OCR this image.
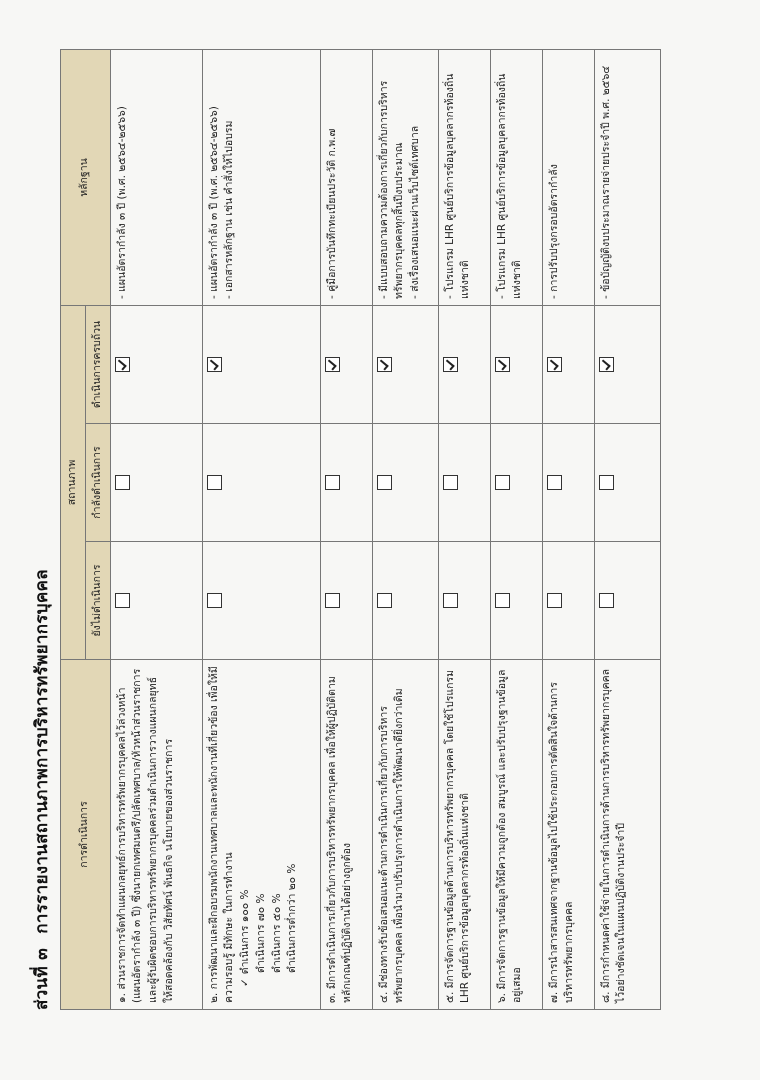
ส่วนที่ ๓ การรายงานสถานภาพการบริหารทรัพยากรบุคคล	การดำเนินการ	สถานภาพ			หลักฐาน
	ยังไม่ดำเนินการ	กำลังดำเนินการ	ดำเนินการครบถ้วน	
๑. ส่วนราชการจัดทำแผนกลยุทธ์การบริหารทรัพยากรบุคคลไว้ล่วงหน้า (แผนอัตรากำลัง ๓ ปี) ซึ่งนายกเทศมนตรี/ปลัดเทศบาล/หัวหน้าส่วนราชการ และผู้รับผิดชอบการบริหารทรัพยากรบุคคลร่วมดำเนินการวางแผนกลยุทธ์ให้สอดคล้องกับ วิสัยทัศน์ พันธกิจ นโยบายของส่วนราชการ				- แผนอัตรากำลัง ๓ ปี (พ.ศ. ๒๕๖๔-๒๕๖๖)

๒. การพัฒนาและฝึกอบรมพนักงานเทศบาลและพนักงานที่เกี่ยวข้อง เพื่อให้มีความรอบรู้ มีทักษะ ในการทำงาน ✓ดำเนินการ ๑๐๐ % ดำเนินการ ๗๐ % ดำเนินการ ๕๐ % ดำเนินการต่ำกว่า ๒๐ %				- แผนอัตรากำลัง ๓ ปี (พ.ศ. ๒๕๖๔-๒๕๖๖) - เอกสารหลักฐาน เช่น คำสั่งให้ไปอบรม

๓. มีการดำเนินการเกี่ยวกับการบริหารทรัพยากรบุคคล เพื่อให้ผู้ปฏิบัติตามหลักเกณฑ์ปฏิบัติงานได้อย่างถูกต้อง				- คู่มือการบันทึกทะเบียนประวัติ ก.พ.๗

๔. มีช่องทางรับข้อเสนอแนะด้านการดำเนินการเกี่ยวกับการบริหารทรัพยากรบุคคล เพื่อนำมาปรับปรุงการดำเนินการให้พัฒนาดียิ่งกว่าเดิม				- มีแบบสอบถามความต้องการเกี่ยวกับการบริหารทรัพยากรบุคคลทุกสิ้นปีงบประมาณ - ส่งเรื่องเสนอแนะผ่านเว็บไซต์เทศบาล

๕. มีการจัดการฐานข้อมูลด้านการบริหารทรัพยากรบุคคล โดยใช้โปรแกรม LHR ศูนย์บริการข้อมูลบุคลากรท้องถิ่นแห่งชาติ				- โปรแกรม LHR ศูนย์บริการข้อมูลบุคลากรท้องถิ่นแห่งชาติ

๖. มีการจัดการฐานข้อมูลให้มีความถูกต้อง สมบูรณ์ และปรับปรุงฐานข้อมูลอยู่เสมอ				- โปรแกรม LHR ศูนย์บริการข้อมูลบุคลากรท้องถิ่นแห่งชาติ

๗. มีการนำสารสนเทศจากฐานข้อมูลไปใช้ประกอบการตัดสินใจด้านการบริหารทรัพยากรบุคคล				- การปรับปรุงกรอบอัตรากำลัง

๘. มีการกำหนดค่าใช้จ่ายในการดำเนินการด้านการบริหารทรัพยากรบุคคลไว้อย่างชัดเจนในแผนปฏิบัติงานประจำปี				- ข้อบัญญัติงบประมาณรายจ่ายประจำปี พ.ศ. ๒๕๖๔
